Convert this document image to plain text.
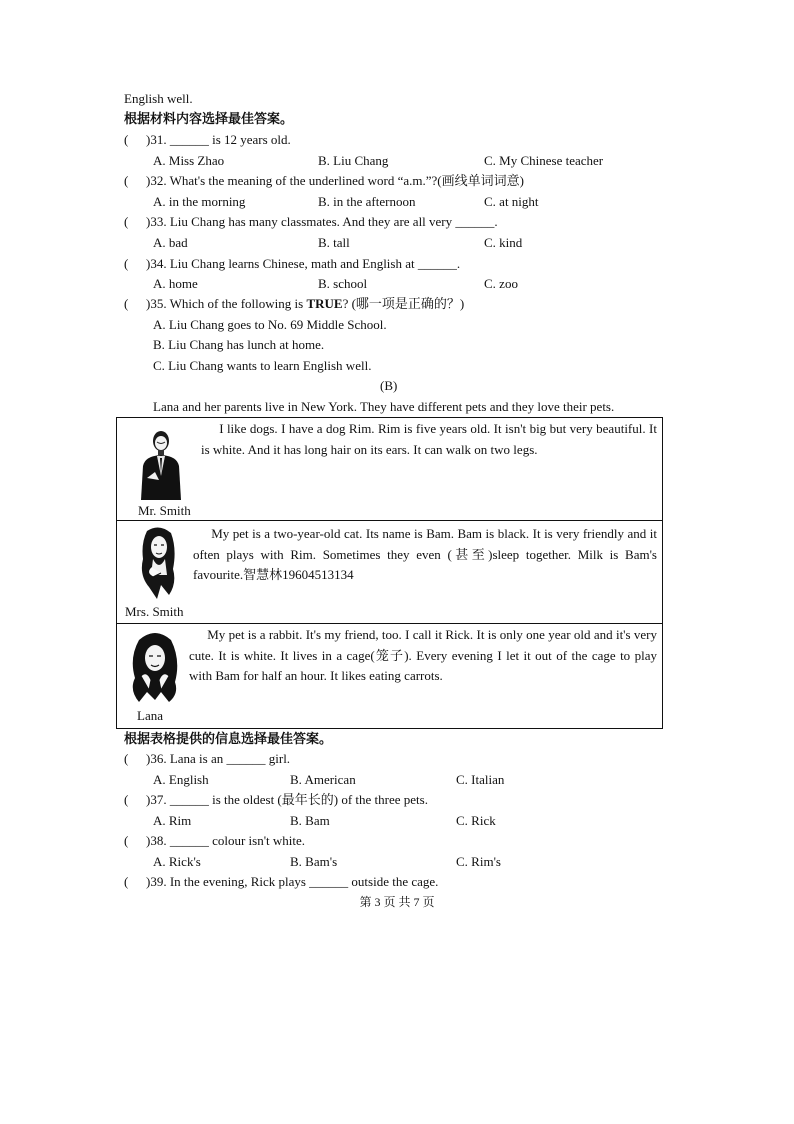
English well.
根据材料内容选择最佳答案。
(	)31. ______ is 12 years old.
A. Miss Zhao	B. Liu Chang	C. My Chinese teacher
(	)32. What's the meaning of the underlined word “a.m.”?(画线单词词意)
A. in the morning	B. in the afternoon	C. at night
(	)33. Liu Chang has many classmates. And they are all very ______.
A. bad	B. tall	C. kind
(	)34. Liu Chang learns Chinese, math and English at ______.
A. home	B. school	C. zoo
(	)35. Which of the following is TRUE? (哪一项是正确的？)
A. Liu Chang goes to No. 69 Middle School.
B. Liu Chang has lunch at home.
C. Liu Chang wants to learn English well.
(B)
Lana and her parents live in New York. They have different pets and they love their pets.
Mr. Smith
I like dogs. I have a dog Rim. Rim is five years old. It isn't big but very beautiful. It is white. And it has long hair on its ears. It can walk on two legs.
Mrs. Smith
My pet is a two-year-old cat. Its name is Bam. Bam is black. It is very friendly and it often plays with Rim. Sometimes they even (甚至)sleep together. Milk is Bam's favourite.智慧林19604513134
Lana
My pet is a rabbit. It's my friend, too. I call it Rick. It is only one year old and it's very cute. It is white. It lives in a cage(笼子). Every evening I let it out of the cage to play with Bam for half an hour. It likes eating carrots.
根据表格提供的信息选择最佳答案。
(	)36. Lana is an ______ girl.
A. English	B. American	C. Italian
(	)37. ______ is the oldest (最年长的) of the three pets.
A. Rim	B. Bam	C. Rick
(	)38. ______ colour isn't white.
A. Rick's	B. Bam's	C. Rim's
(	)39. In the evening, Rick plays ______ outside the cage.
第 3 页 共 7 页
